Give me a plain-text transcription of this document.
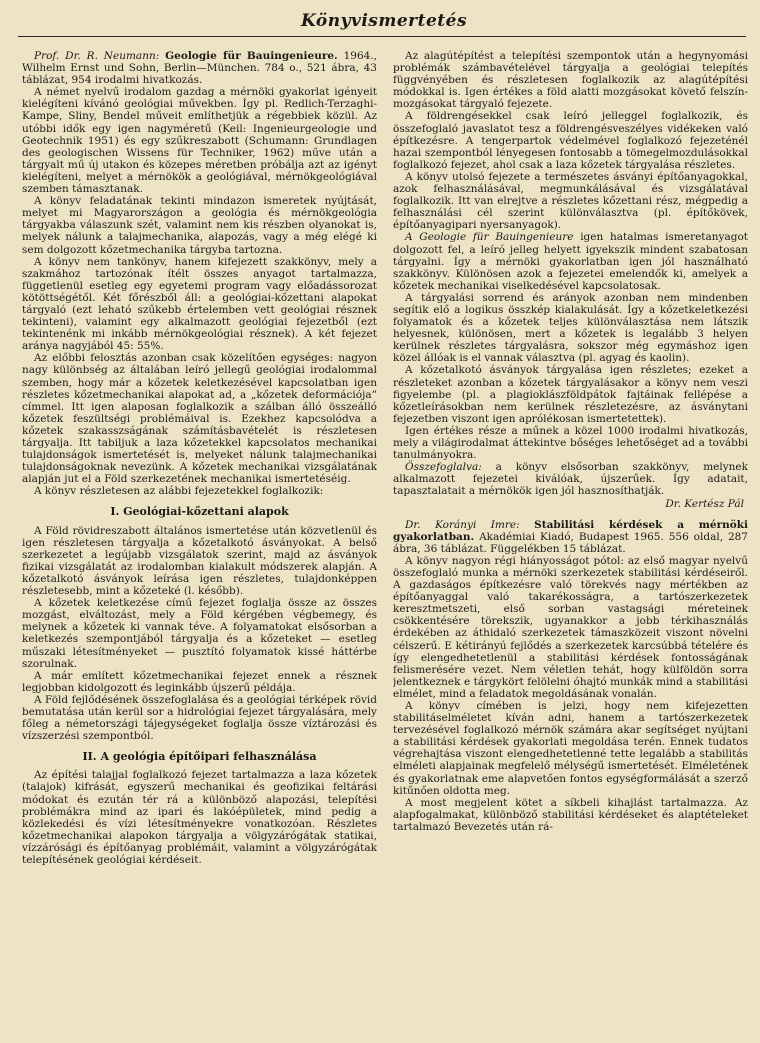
Könyvismertetés

Prof. Dr. R. Neumann: Geologie für Bauingenieure. 1964., Wilhelm Ernst und Sohn, Berlin—München. 784 o., 521 ábra, 43 táblázat, 954 irodalmi hivatkozás.

A német nyelvű irodalom gazdag a mérnöki gyakorlat igényeit kielégíteni kívánó geológiai művekben. Így pl. Redlich-Terzaghi-Kampe, Sliny, Bendel műveit említhetjük a régebbiek közül. Az utóbbi idők egy igen nagyméretű (Keil: Ingenieurgeologie und Geotechnik 1951) és egy szűkreszabott (Schumann: Grundlagen des geologischen Wissens für Techniker, 1962) műve után a tárgyalt mű új utakon és közepes méretben próbálja azt az igényt kielégíteni, melyet a mérnökök a geológiával, mérnökgeológiával szemben támasztanak.

A könyv feladatának tekinti mindazon ismeretek nyújtását, melyet mi Magyarországon a geológia és mérnökgeológia tárgyakba válaszunk szét, valamint nem kis részben olyanokat is, melyek nálunk a talajmechanika, alapozás, vagy a még elégé ki sem dolgozott kőzetmechanika tárgyba tartozna.

A könyv nem tankönyv, hanem kifejezett szakkönyv, mely a szakmához tartozónak ítélt összes anyagot tartalmazza, függetlenül esetleg egy egyetemi program vagy előadássorozat kötöttségétől. Két főrészből áll: a geológiai-kőzettani alapokat tárgyaló (ezt leható szűkebb értelemben vett geológiai résznek tekinteni), valamint egy alkalmazott geológiai fejezetből (ezt tekintenénk mi inkább mérnökgeológiai résznek). A két fejezet aránya nagyjából 45: 55%.

Az előbbi felosztás azonban csak közelítően egységes: nagyon nagy különbség az általában leíró jellegű geológiai irodalommal szemben, hogy már a kőzetek keletkezésével kapcsolatban igen részletes kőzetmechanikai alapokat ad, a „kőzetek deformációja” címmel. Itt igen alaposan foglalkozik a szálban álló összeálló kőzetek feszültségi problémáival is. Ezekhez kapcsolódva a kőzetek szakasszságának számításbavételét is részletesen tárgyalja. Itt tabiljuk a laza kőzetekkel kapcsolatos mechanikai tulajdonságok ismertetését is, melyeket nálunk talajmechanikai tulajdonságoknak nevezünk. A kőzetek mechanikai vizsgálatának alapján jut el a Föld szerkezetének mechanikai ismertetéséig.

A könyv részletesen az alábbi fejezetekkel foglalkozik:

I. Geológiai-kőzettani alapok

A Föld rövidreszabott általános ismertetése után közvetlenül és igen részletesen tárgyalja a kőzetalkotó ásványokat. A belső szerkezetet a legújabb vizsgálatok szerint, majd az ásványok fizikai vizsgálatát az irodalomban kialakult módszerek alapján. A kőzetalkotó ásványok leírása igen részletes, tulajdonképpen részletesebb, mint a kőzeteké (l. később).

A kőzetek keletkezése című fejezet foglalja össze az összes mozgást, elváltozást, mely a Föld kérgében végbemegy, és melynek a kőzetek ki vannak téve. A folyamatokat elsősorban a keletkezés szempontjából tárgyalja és a kőzeteket — esetleg műszaki létesítményeket — pusztító folyamatok kissé háttérbe szorulnak.

A már említett kőzetmechanikai fejezet ennek a résznek legjobban kidolgozott és leginkább újszerű példája.

A Föld fejlődésének összefoglalása és a geológiai térképek rövid bemutatása után kerül sor a hidrológiai fejezet tárgyalására, mely főleg a németországi tájegységeket foglalja össze víztározási és vízszerzési szempontból.

II. A geológia építőipari felhasználása

Az építési talajjal foglalkozó fejezet tartalmazza a laza kőzetek (talajok) kifrását, egyszerű mechanikai és geofizikai feltárási módokat és ezután tér rá a különböző alapozási, telepítési problémákra mind az ipari és lakóépületek, mind pedig a közlekedési és vízi létesítményekre vonatkozóan. Részletes kőzetmechanikai alapokon tárgyalja a völgyzárógátak statikai, vízzárósági és építőanyag problémáit, valamint a völgyzárógátak telepítésének geológiai kérdéseit.

Az alagútépítést a telepítési szempontok után a hegynyomási problémák számbavételével tárgyalja a geológiai telepítés függvényében és részletesen foglalkozik az alagútépítési módokkal is. Igen értékes a föld alatti mozgásokat követő felszín-mozgásokat tárgyaló fejezete.

A földrengésekkel csak leíró jelleggel foglalkozik, és összefoglaló javaslatot tesz a földrengésveszélyes vidékeken való építkezésre. A tengerpartok védelmével foglalkozó fejezeténél hazai szempontból lényegesen fontosabb a tömegelmozdulásokkal foglalkozó fejezet, ahol csak a laza kőzetek tárgyalása részletes.

A könyv utolsó fejezete a természetes ásványi építőanyagokkal, azok felhasználásával, megmunkálásával és vizsgálatával foglalkozik. Itt van elrejtve a részletes kőzettani rész, mégpedig a felhasználási cél szerint különválasztva (pl. építőkövek, építőanyagipari nyersanyagok).

A Geologie für Bauingenieure igen hatalmas ismeretanyagot dolgozott fel, a leíró jelleg helyett igyekszik mindent szabatosan tárgyalni. Így a mérnöki gyakorlatban igen jól használható szakkönyv. Különösen azok a fejezetei emelendők ki, amelyek a kőzetek mechanikai viselkedésével kapcsolatosak.

A tárgyalási sorrend és arányok azonban nem mindenben segítik elő a logikus összkép kialakulását. Így a kőzetkeletkezési folyamatok és a kőzetek teljes különválasztása nem látszik helyesnek, különösen, mert a kőzetek is legalább 3 helyen kerülnek részletes tárgyalásra, sokszor még egymáshoz igen közel állóak is el vannak választva (pl. agyag és kaolin).

A kőzetalkotó ásványok tárgyalása igen részletes; ezeket a részleteket azonban a kőzetek tárgyalásakor a könyv nem veszi figyelembe (pl. a plagioklászföldpátok fajtáinak fellépése a kőzetleírásokban nem kerülnek részletezésre, az ásványtani fejezetben viszont igen aprólékosan ismertetettek).

Igen értékes része a műnek a közel 1000 irodalmi hivatkozás, mely a világirodalmat áttekintve bőséges lehetőséget ad a további tanulmányokra.

Összefoglalva: a könyv elsősorban szakkönyv, melynek alkalmazott fejezetei kiválóak, újszerűek. Így adatait, tapasztalatait a mérnökök igen jól hasznosíthatják.

Dr. Kertész Pál

Dr. Korányi Imre: Stabilitási kérdések a mérnöki gyakorlatban. Akadémiai Kiadó, Budapest 1965. 556 oldal, 287 ábra, 36 táblázat. Függelékben 15 táblázat.

A könyv nagyon régi hiányosságot pótol: az első magyar nyelvű összefoglaló munka a mérnöki szerkezetek stabilitási kérdéseiről. A gazdaságos építkezésre való törekvés nagy mértékben az építőanyaggal való takarékosságra, a tartószerkezetek keresztmetszeti, első sorban vastagsági méreteinek csökkentésére törekszik, ugyanakkor a jobb térkihasználás érdekében az áthidaló szerkezetek támaszközeit viszont növelni célszerű. E kétirányú fejlődés a szerkezetek karcsúbbá tételére és így elengedhetetlenül a stabilitási kérdések fontosságának felismerésére vezet. Nem véletlen tehát, hogy külföldön sorra jelentkeznek e tárgykört felölelni óhajtó munkák mind a stabilitási elmélet, mind a feladatok megoldásának vonalán.

A könyv címében is jelzi, hogy nem kifejezetten stabilitáselméletet kíván adni, hanem a tartószerkezetek tervezésével foglalkozó mérnök számára akar segítséget nyújtani a stabilitási kérdések gyakorlati megoldása terén. Ennek tudatos végrehajtása viszont elengedhetetlenné tette legalább a stabilitás elméleti alapjainak megfelelő mélységű ismertetését. Elméletének és gyakorlatnak eme alapvetően fontos egységformálását a szerző kitűnően oldotta meg.

A most megjelent kötet a síkbeli kihajlást tartalmazza. Az alapfogalmakat, különböző stabilitási kérdéseket és alaptételeket tartalmazó Bevezetés után rá-
